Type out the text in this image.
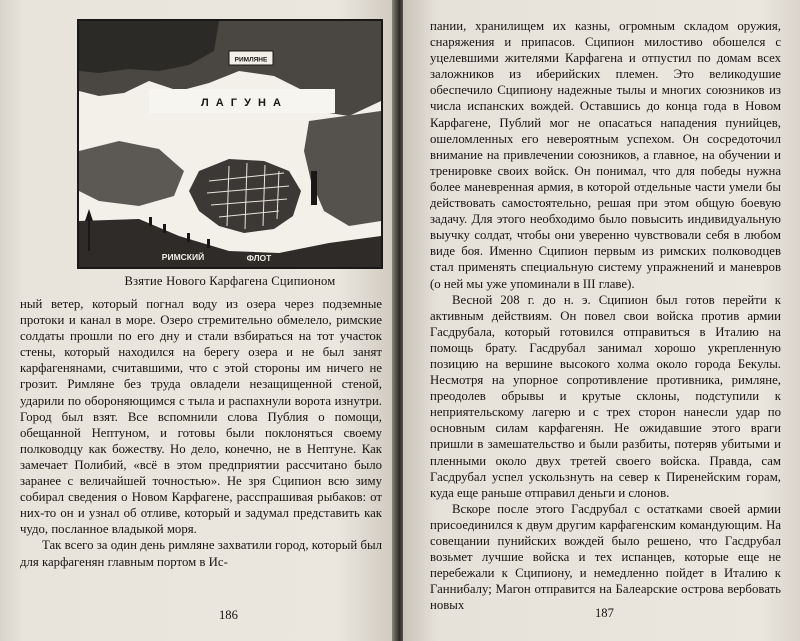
РИМЛЯНЕ
Л А Г У Н А
РИМСКИЙ	ФЛОТ
Взятие Нового Карфагена Сципионом

ный ветер, который погнал воду из озера через подземные протоки и канал в море. Озеро стремительно обмелело, римские солдаты прошли по его дну и стали взбираться на тот участок стены, который находился на берегу озера и не был занят карфагенянами, считавшими, что с этой стороны им ничего не грозит. Римляне без труда овладели незащищенной стеной, ударили по обороняющимся с тыла и распахнули ворота изнутри. Город был взят. Все вспомнили слова Публия о помощи, обещанной Нептуном, и готовы были поклоняться своему полководцу как божеству. Но дело, конечно, не в Нептуне. Как замечает Полибий, «всё в этом предприятии рассчитано было заранее с величайшей точностью». Не зря Сципион всю зиму собирал сведения о Новом Карфагене, расспрашивая рыбаков: от них-то он и узнал об отливе, который и задумал представить как чудо, посланное владыкой моря.

Так всего за один день римляне захватили город, который был для карфагенян главным портом в Ис-

186

пании, хранилищем их казны, огромным складом оружия, снаряжения и припасов. Сципион милостиво обошелся с уцелевшими жителями Карфагена и отпустил по домам всех заложников из иберийских племен. Это великодушие обеспечило Сципиону надежные тылы и многих союзников из числа испанских вождей. Оставшись до конца года в Новом Карфагене, Публий мог не опасаться нападения пунийцев, ошеломленных его невероятным успехом. Он сосредоточил внимание на привлечении союзников, а главное, на обучении и тренировке своих войск. Он понимал, что для победы нужна более маневренная армия, в которой отдельные части умели бы действовать самостоятельно, решая при этом общую боевую задачу. Для этого необходимо было повысить индивидуальную выучку солдат, чтобы они уверенно чувствовали себя в любом виде боя. Именно Сципион первым из римских полководцев стал применять специальную систему упражнений и маневров (о ней мы уже упоминали в III главе).

Весной 208 г. до н. э. Сципион был готов перейти к активным действиям. Он повел свои войска против армии Гасдрубала, который готовился отправиться в Италию на помощь брату. Гасдрубал занимал хорошо укрепленную позицию на вершине высокого холма около города Бекулы. Несмотря на упорное сопротивление противника, римляне, преодолев обрывы и крутые склоны, подступили к неприятельскому лагерю и с трех сторон нанесли удар по основным силам карфагенян. Не ожидавшие этого враги пришли в замешательство и были разбиты, потеряв убитыми и пленными около двух третей своего войска. Правда, сам Гасдрубал успел ускользнуть на север к Пиренейским горам, куда еще раньше отправил деньги и слонов.

Вскоре после этого Гасдрубал с остатками своей армии присоединился к двум другим карфагенским командующим. На совещании пунийских вождей было решено, что Гасдрубал возьмет лучшие войска и тех испанцев, которые еще не перебежали к Сципиону, и немедленно пойдет в Италию к Ганнибалу; Магон отправится на Балеарские острова вербовать новых

187
